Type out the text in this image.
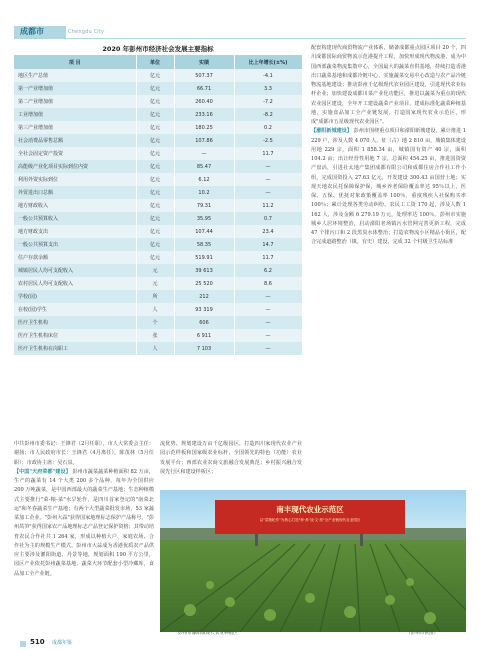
成都市	Chengdu City
2020 年彭州市经济社会发展主要指标
项 目	单位	实绩	比上年增长(±%)
地区生产总值	亿元	507.37	-4.1
第一产业增加值	亿元	66.71	3.3
第二产业增加值	亿元	260.40	-7.2
工业增加值	亿元	233.16	-8.2
第三产业增加值	亿元	180.25	0.2
社会消费品零售总额	亿元	107.86	-2.5
全社会固定资产投资	亿元	—	11.7
高能级产业化项目实际到位内资	亿元	85.47	—
利用外资实际到位	亿元	6.12	—
外贸进出口总额	亿元	10.2	—
地方财政收入	亿元	79.31	11.2
一般公共预算收入	亿元	35.95	0.7
地方财政支出	亿元	107.44	23.4
一般公共预算支出	亿元	58.35	14.7
住户存款余额	亿元	519.91	11.7
城镇居民人均可支配收入	元	39 613	6.2
农村居民人均可支配收入	元	25 520	8.6
学校(园)	所	212	—
在校(园)学生	人	93 319	—
医疗卫生机构	个	606	—
医疗卫生机构床位	张	6 911	—
医疗卫生机构在岗职工	人	7 103	—
中共彭州市委书记：王锋君（2月任职），市人大常委会主任：谢扬；市人民政府市长：王锋君（4月离任），陈茂林（5月任职）；市政协主席：吴石泉。
【中国"天府菜都"建设】 彭州市蔬菜蔬菜种植面积 82 万亩，生产的蔬菜有 14 个大类 200 多个品种，每年为全国供应 200 万吨蔬菜，是中国西部最大的蔬菜生产基地；生态种植模式主要推行"菜-粮-菜"水旱轮作，是四川首家登记的"南菜北运"和冬春蔬菜生产基地；有两个大型蔬菜批发市场，53 家蔬菜加工企业。"彭州大蒜"获得国家地理标志保护产品称号，"彭州莴笋"获得国家农产品地理标志产品登记保护资格；其带动培育农民合作社共 1 264 家，形成以种植大户、家庭农场、合作社为主的规模生产模式。彭州市大蒜成为香港优质农产品供应主要涉及灌阳街道、丹景等地，规划面积 190 平方公里，园区产业依托彭州蔬菜基地，蔬菜大环节配套小型冷藏库，食品加工全产业链。
流优势、规划建设万亩千亿级园区，打造四川家现代农业产业园示范样板和国家级农业标杆，全国领先的特色（功能）农业发展平台；西部农业农商文旅融合发展典范；乡村振兴融合发展先行区和建设样板区；
配套构建现代商贸物流产业体系，储备成都重点园区项目 20 个，四川成都国际商贸物流示范港提升工程，加快形成现代物流港，成为中国西部蔬菜物流集散中心，全国最大的蔬菜直供基地，持续打造香港出口蔬菜基地和成都冷链中心，实施蔬菜交易中心改造与农产品冷链物流基地建设；推动彭州千亿级现代农业园区建设，引进现代农业标杆企业；加快建设成都川菜产业化功能区，推进以蔬菜为重点的现代农业园区建设，全年开工建设蔬菜产业项目，建成标准化蔬菜种植基地，实施食品加工全产业链发展，打造国家现代农业示范区，形成"成都市五星级现代农业园区"。
【濛阳新城建设】 彭州市围绕重点项目和濛阳新城建设，累计推进 1 229 户，涉及人数 4 070 人，征（占）地 2 810 亩，城镇集体建设用地 229 宗，面积 1 858.34 亩，城镇国有资产 40 宗，面积 104.2 亩；出让经营性用地 7 宗，总面积 454.25 亩，推进国资资产盘活，引进社太地产集团成都有限公司和成都住房合作社工作小组，完成国资投入 27.63 亿元，开发建设 300.43 亩国营土地；实现天地农民托保障保护保，城乡养老保险覆盖率达 95％以上，医保、五保、优抚对象政策覆盖率 100％，重度残疾人社保购买率 100％；累计处理各类劳动纠纷、农民工工资 170 起，涉及人数 1 162 人，涉及金额 6 279.19 万元，处理率达 100％。彭州市实施城乡人居环境整治，启动濛阳老场镇污水管网完善更新工程，完成 47 个排污口和 2 段黑臭水体整治；打造农物流小区精品小街区，配合完成道路整治（镇，有史）建设，完成 32 个村级卫生站标准
南丰现代农业示范区
以"菜粮轮作"为核心打造"种·养·加·文·旅"全产业链现代农业园区
彭州市濛阳镇现代农业种植区	（彭州市供图）
510 成都年鉴
